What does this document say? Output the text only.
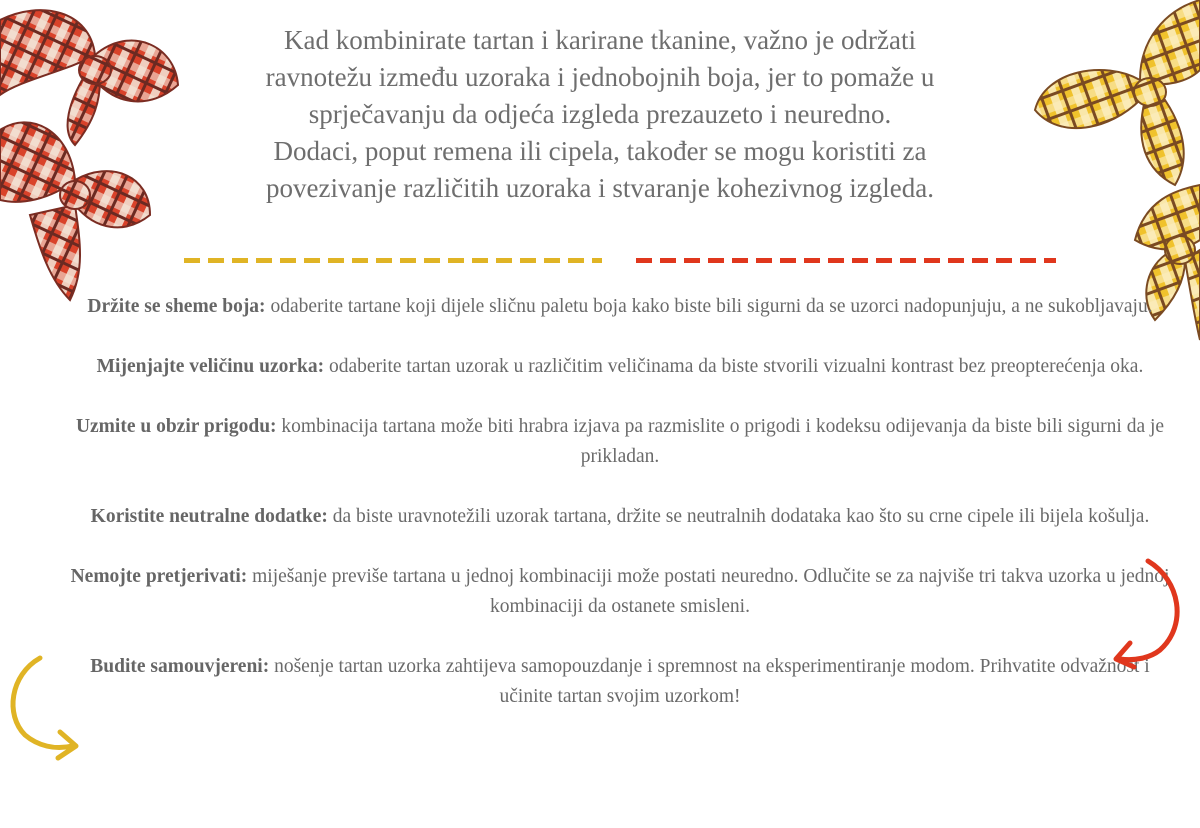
Kad kombinirate tartan i karirane tkanine, važno je održati

ravnotežu između uzoraka i jednobojnih boja, jer to pomaže u

sprječavanju da odjeća izgleda prezauzeto i neuredno.

Dodaci, poput remena ili cipela, također se mogu koristiti za

povezivanje različitih uzoraka i stvaranje kohezivnog izgleda.

Držite se sheme boja: odaberite tartane koji dijele sličnu paletu boja kako biste bili sigurni da se uzorci nadopunjuju, a ne sukobljavaju.

Mijenjajte veličinu uzorka: odaberite tartan uzorak u različitim veličinama da biste stvorili vizualni kontrast bez preopterećenja oka.

Uzmite u obzir prigodu: kombinacija tartana može biti hrabra izjava pa razmislite o prigodi i kodeksu odijevanja da biste bili sigurni da je prikladan.

Koristite neutralne dodatke: da biste uravnotežili uzorak tartana, držite se neutralnih dodataka kao što su crne cipele ili bijela košulja.

Nemojte pretjerivati: miješanje previše tartana u jednoj kombinaciji može postati neuredno. Odlučite se za najviše tri takva uzorka u jednoj kombinaciji da ostanete smisleni.

Budite samouvjereni: nošenje tartan uzorka zahtijeva samopouzdanje i spremnost na eksperimentiranje modom. Prihvatite odvažnost i učinite tartan svojim uzorkom!
